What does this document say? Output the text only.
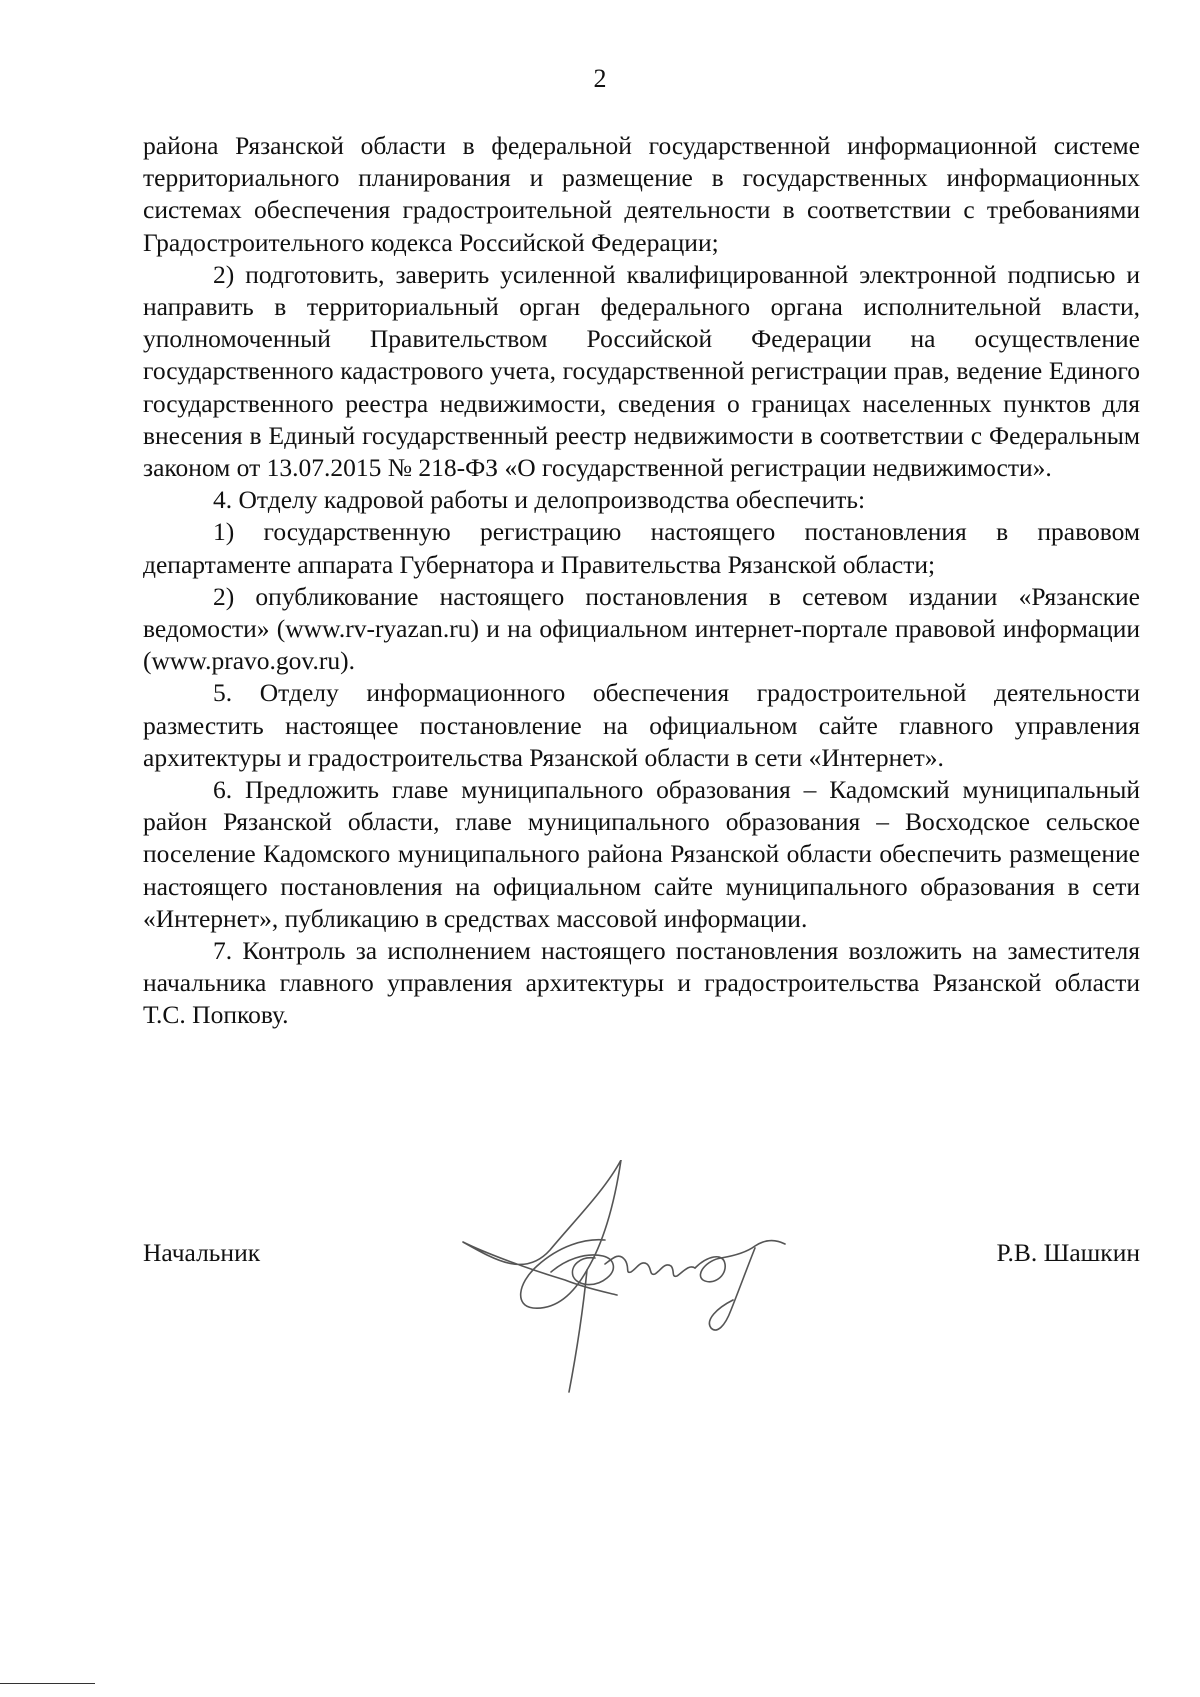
2

района Рязанской области в федеральной государственной информационной системе территориального планирования и размещение в государственных информационных системах обеспечения градостроительной деятельности в соответствии с требованиями Градостроительного кодекса Российской Федерации;

2) подготовить, заверить усиленной квалифицированной электронной подписью и направить в территориальный орган федерального органа исполнительной власти, уполномоченный Правительством Российской Федерации на осуществление государственного кадастрового учета, государственной регистрации прав, ведение Единого государственного реестра недвижимости, сведения о границах населенных пунктов для внесения в Единый государственный реестр недвижимости в соответствии с Федеральным законом от 13.07.2015 № 218-ФЗ «О государственной регистрации недвижимости».

4. Отделу кадровой работы и делопроизводства обеспечить:

1) государственную регистрацию настоящего постановления в правовом департаменте аппарата Губернатора и Правительства Рязанской области;

2) опубликование настоящего постановления в сетевом издании «Рязанские ведомости» (www.rv-ryazan.ru) и на официальном интернет-портале правовой информации (www.pravo.gov.ru).

5. Отделу информационного обеспечения градостроительной деятельности разместить настоящее постановление на официальном сайте главного управления архитектуры и градостроительства Рязанской области в сети «Интернет».

6. Предложить главе муниципального образования – Кадомский муниципальный район Рязанской области, главе муниципального образования – Восходское сельское поселение Кадомского муниципального района Рязанской области обеспечить размещение настоящего постановления на официальном сайте муниципального образования в сети «Интернет», публикацию в средствах массовой информации.

7. Контроль за исполнением настоящего постановления возложить на заместителя начальника главного управления архитектуры и градостроительства Рязанской области Т.С. Попкову.

Начальник	Р.В. Шашкин
